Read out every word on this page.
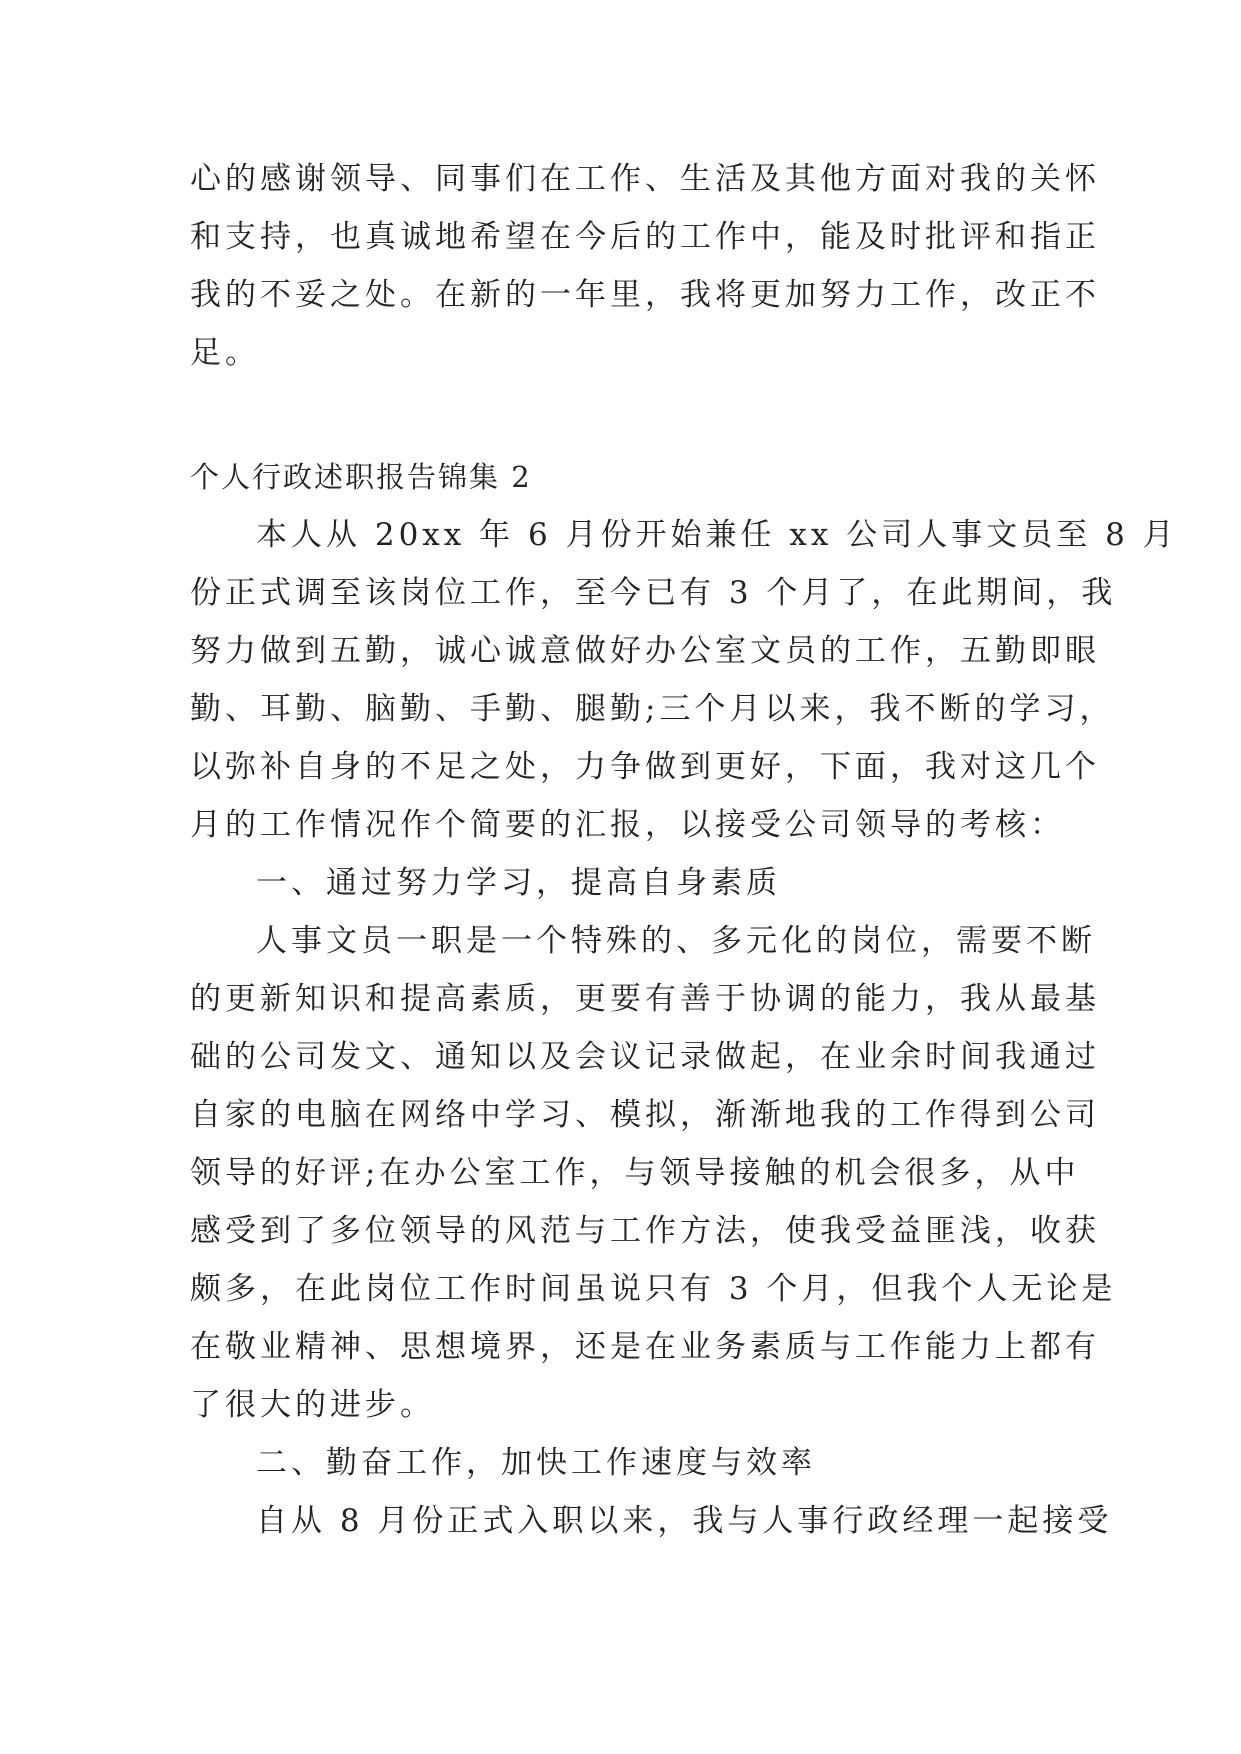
心的感谢领导、同事们在工作、生活及其他方面对我的关怀
和支持，也真诚地希望在今后的工作中，能及时批评和指正
我的不妥之处。在新的一年里，我将更加努力工作，改正不
足。
个人行政述职报告锦集 2
本人从 20xx 年 6 月份开始兼任 xx 公司人事文员至 8 月
份正式调至该岗位工作，至今已有 3 个月了，在此期间，我
努力做到五勤，诚心诚意做好办公室文员的工作，五勤即眼
勤、耳勤、脑勤、手勤、腿勤;三个月以来，我不断的学习，
以弥补自身的不足之处，力争做到更好，下面，我对这几个
月的工作情况作个简要的汇报，以接受公司领导的考核：
一、通过努力学习，提高自身素质
人事文员一职是一个特殊的、多元化的岗位，需要不断
的更新知识和提高素质，更要有善于协调的能力，我从最基
础的公司发文、通知以及会议记录做起，在业余时间我通过
自家的电脑在网络中学习、模拟，渐渐地我的工作得到公司
领导的好评;在办公室工作，与领导接触的机会很多，从中
感受到了多位领导的风范与工作方法，使我受益匪浅，收获
颇多，在此岗位工作时间虽说只有 3 个月，但我个人无论是
在敬业精神、思想境界，还是在业务素质与工作能力上都有
了很大的进步。
二、勤奋工作，加快工作速度与效率
自从 8 月份正式入职以来，我与人事行政经理一起接受
